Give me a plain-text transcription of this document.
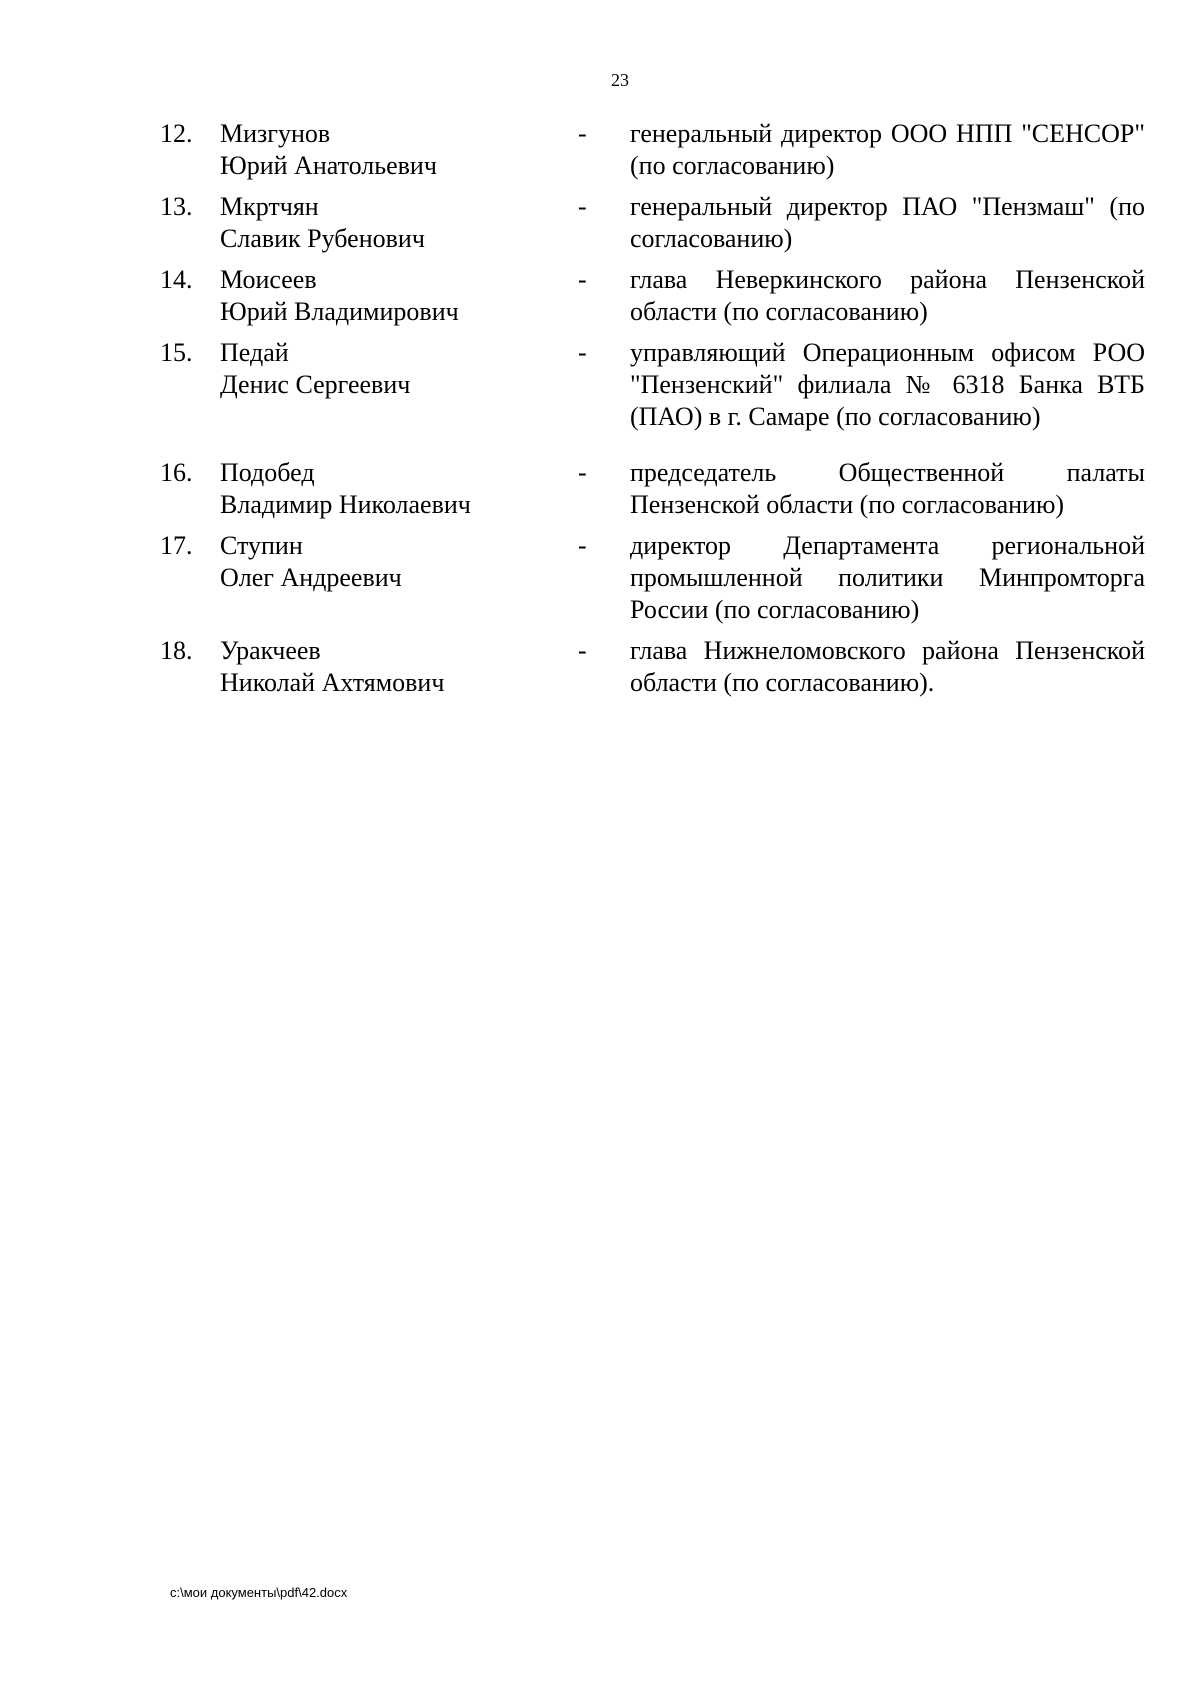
23
12. Мизгунов
Юрий Анатольевич
- генеральный директор ООО НПП "СЕНСОР" (по согласованию)
13. Мкртчян
Славик Рубенович
- генеральный директор ПАО "Пензмаш" (по согласованию)
14. Моисеев
Юрий Владимирович
- глава Неверкинского района Пензенской области (по согласованию)
15. Педай
Денис Сергеевич
- управляющий Операционным офисом РОО "Пензенский" филиала № 6318 Банка ВТБ (ПАО) в г. Самаре (по согласованию)
16. Подобед
Владимир Николаевич
- председатель Общественной палаты Пензенской области (по согласованию)
17. Ступин
Олег Андреевич
- директор Департамента региональной промышленной политики Минпромторга России (по согласованию)
18. Уракчеев
Николай Ахтямович
- глава Нижнеломовского района Пензенской области (по согласованию).
c:\мои документы\pdf\42.docx
